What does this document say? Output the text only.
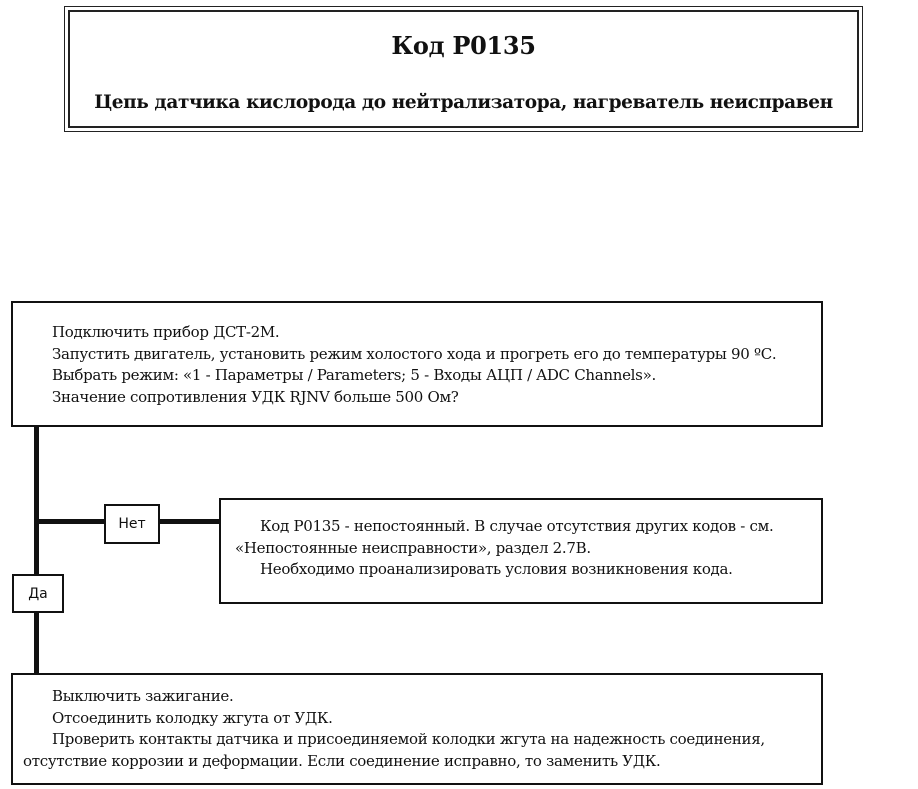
Код Р0135
Цепь датчика кислорода до нейтрализатора, нагреватель неисправен

Подключить прибор ДСТ-2М.

Запустить двигатель, установить режим холостого хода и прогреть его до температуры 90 ºС.

Выбрать режим: «1 - Параметры / Parameters; 5 - Входы АЦП / ADC Channels».

Значение сопротивления УДК RJNV больше 500 Ом?

Нет
Да

Код Р0135 - непостоянный. В случае отсутствия других кодов - см. «Непостоянные неисправности», раздел 2.7В.

Необходимо проанализировать условия возникновения кода.

Выключить зажигание.

Отсоединить колодку жгута от УДК.

Проверить контакты датчика и присоединяемой колодки жгута на надежность соединения, отсутствие коррозии и деформации. Если соединение исправно, то заменить УДК.
